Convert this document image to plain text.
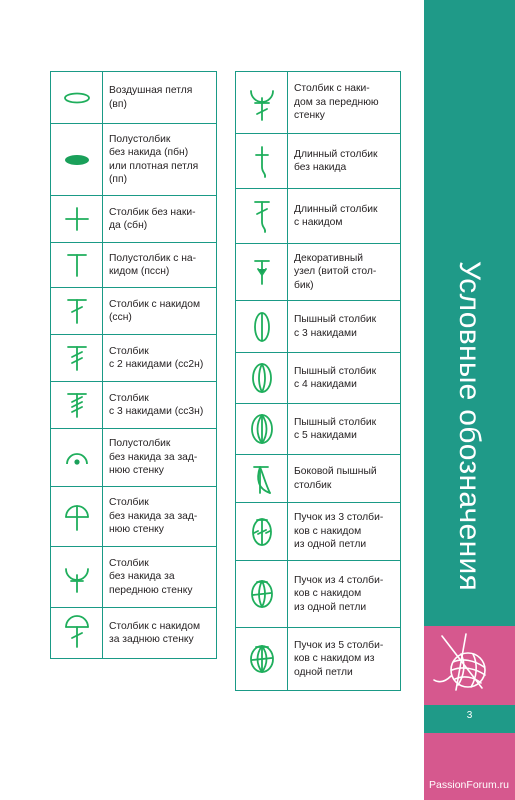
Условные обозначения
3
PassionForum.ru
	Воздушная петля
(вп)

	Полустолбик
без накида (пбн)
или плотная петля
(пп)

	Столбик без наки-
да (сбн)

	Полустолбик с на-
кидом (пссн)

	Столбик с накидом
(ссн)

	Столбик
с 2 накидами (сс2н)

	Столбик
с 3 накидами (сс3н)

	Полустолбик
без накида за зад-
нюю стенку

	Столбик
без накида за зад-
нюю стенку

	Столбик
без накида за
переднюю стенку

	Столбик с накидом
за заднюю стенку
	Столбик с наки-
дом за переднюю
стенку

	Длинный столбик
без накида

	Длинный столбик
с накидом

	Декоративный
узел (витой стол-
бик)

	Пышный столбик
с 3 накидами

	Пышный столбик
с 4 накидами

	Пышный столбик
с 5 накидами

	Боковой пышный
столбик

	Пучок из 3 столби-
ков с накидом
из одной петли

	Пучок из 4 столби-
ков с накидом
из одной петли

	Пучок из 5 столби-
ков с накидом из
одной петли
